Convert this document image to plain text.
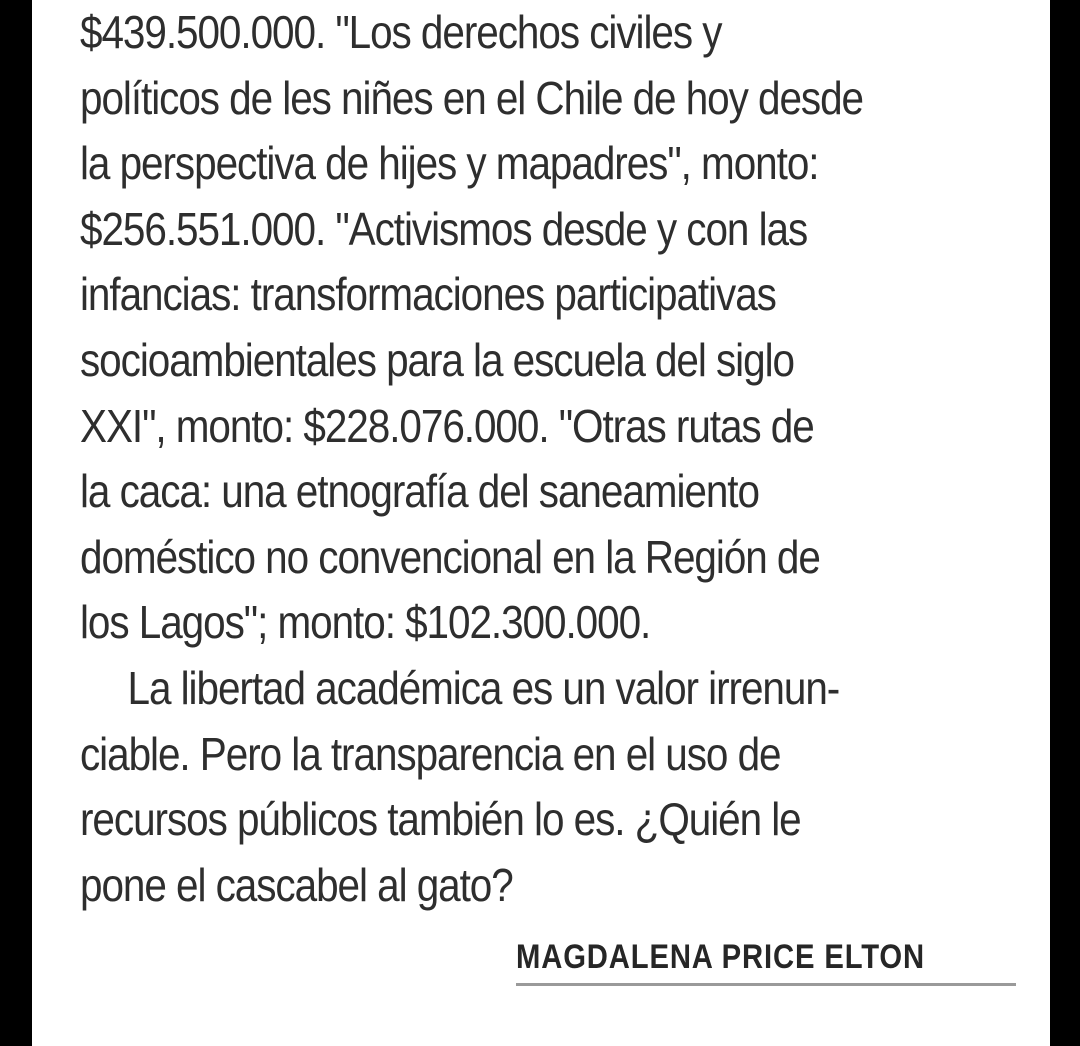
$439.500.000. "Los derechos civiles y
políticos de les niñes en el Chile de hoy desde
la perspectiva de hijes y mapadres", monto:
$256.551.000. "Activismos desde y con las
infancias: transformaciones participativas
socioambientales para la escuela del siglo
XXI", monto: $228.076.000. "Otras rutas de
la caca: una etnografía del saneamiento
doméstico no convencional en la Región de
los Lagos"; monto: $102.300.000.
La libertad académica es un valor irrenun-
ciable. Pero la transparencia en el uso de
recursos públicos también lo es. ¿Quién le
pone el cascabel al gato?
MAGDALENA PRICE ELTON
